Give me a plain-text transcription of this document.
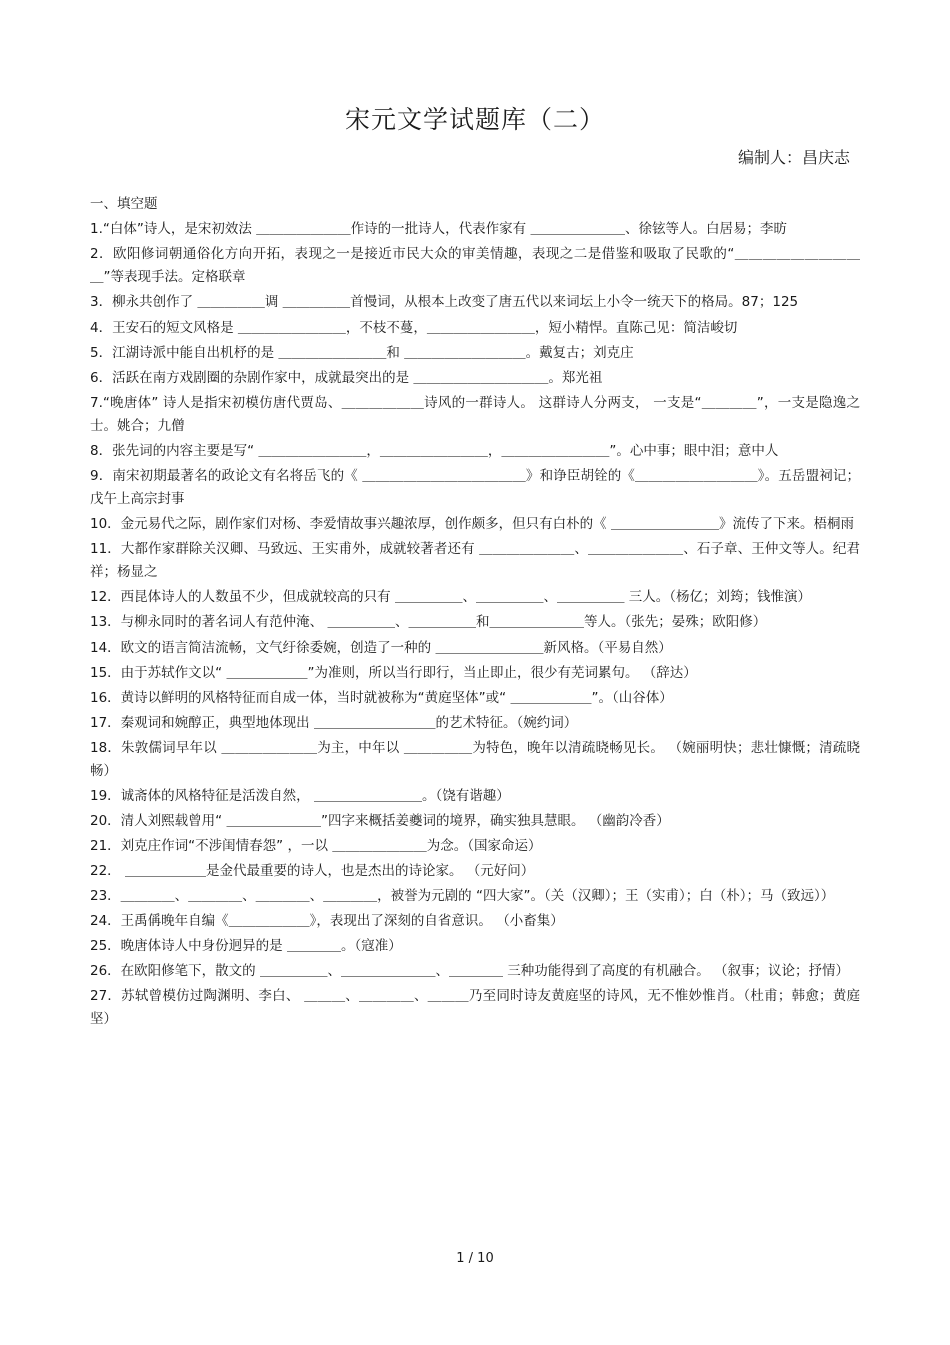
宋元文学试题库（二）
编制人：昌庆志
一、填空题
1.“白体”诗人，是宋初效法 ＿＿＿＿＿＿＿作诗的一批诗人，代表作家有 ＿＿＿＿＿＿＿、徐铉等人。白居易；李昉
2．欧阳修词朝通俗化方向开拓，表现之一是接近市民大众的审美情趣，表现之二是借鉴和吸取了民歌的“＿＿＿＿＿＿＿＿＿＿”等表现手法。定格联章
3．柳永共创作了 ＿＿＿＿＿调 ＿＿＿＿＿首慢词，从根本上改变了唐五代以来词坛上小令一统天下的格局。87；125
4．王安石的短文风格是 ＿＿＿＿＿＿＿＿，不枝不蔓，＿＿＿＿＿＿＿＿，短小精悍。直陈己见：简洁峻切
5．江湖诗派中能自出机杼的是 ＿＿＿＿＿＿＿＿和 ＿＿＿＿＿＿＿＿＿。戴复古；刘克庄
6．活跃在南方戏剧圈的杂剧作家中，成就最突出的是 ＿＿＿＿＿＿＿＿＿＿。郑光祖
7.“晚唐体” 诗人是指宋初模仿唐代贾岛、＿＿＿＿＿＿诗风的一群诗人。 这群诗人分两支， 一支是“＿＿＿＿”，一支是隐逸之士。姚合；九僧
8．张先词的内容主要是写“ ＿＿＿＿＿＿＿＿，＿＿＿＿＿＿＿＿，＿＿＿＿＿＿＿＿”。心中事；眼中泪；意中人
9．南宋初期最著名的政论文有名将岳飞的《 ＿＿＿＿＿＿＿＿＿＿＿＿》和诤臣胡铨的《＿＿＿＿＿＿＿＿＿》。五岳盟祠记；戊午上高宗封事
10．金元易代之际，剧作家们对杨、李爱情故事兴趣浓厚，创作颇多，但只有白朴的《 ＿＿＿＿＿＿＿＿》流传了下来。梧桐雨
11．大都作家群除关汉卿、马致远、王实甫外，成就较著者还有 ＿＿＿＿＿＿＿、＿＿＿＿＿＿＿、石子章、王仲文等人。纪君祥；杨显之
12．西昆体诗人的人数虽不少，但成就较高的只有 ＿＿＿＿＿、＿＿＿＿＿、＿＿＿＿＿ 三人。（杨亿；刘筠；钱惟演）
13．与柳永同时的著名词人有范仲淹、 ＿＿＿＿＿、＿＿＿＿＿和＿＿＿＿＿＿＿等人。（张先；晏殊；欧阳修）
14．欧文的语言简洁流畅，文气纡徐委婉，创造了一种的 ＿＿＿＿＿＿＿＿新风格。（平易自然）
15．由于苏轼作文以“ ＿＿＿＿＿＿”为准则，所以当行即行，当止即止，很少有芜词累句。 （辞达）
16．黄诗以鲜明的风格特征而自成一体，当时就被称为“黄庭坚体”或“ ＿＿＿＿＿＿”。（山谷体）
17．秦观词和婉醇正，典型地体现出 ＿＿＿＿＿＿＿＿＿的艺术特征。（婉约词）
18．朱敦儒词早年以 ＿＿＿＿＿＿＿为主，中年以 ＿＿＿＿＿为特色，晚年以清疏晓畅见长。 （婉丽明快；悲壮慷慨；清疏晓畅）
19．诚斋体的风格特征是活泼自然， ＿＿＿＿＿＿＿＿。（饶有谐趣）
20．清人刘熙载曾用“ ＿＿＿＿＿＿＿”四字来概括姜夔词的境界，确实独具慧眼。 （幽韵冷香）
21．刘克庄作词“不涉闺情春怨” ，一以 ＿＿＿＿＿＿＿为念。（国家命运）
22． ＿＿＿＿＿＿是金代最重要的诗人，也是杰出的诗论家。 （元好问）
23．＿＿＿＿、＿＿＿＿、＿＿＿＿、＿＿＿＿，被誉为元剧的 “四大家”。（关（汉卿）；王（实甫）；白（朴）；马（致远））
24．王禹偁晚年自编《＿＿＿＿＿＿》，表现出了深刻的自省意识。 （小畜集）
25．晚唐体诗人中身份迥异的是 ＿＿＿＿。（寇准）
26．在欧阳修笔下，散文的 ＿＿＿＿＿、＿＿＿＿＿＿＿、＿＿＿＿ 三种功能得到了高度的有机融合。 （叙事；议论；抒情）
27．苏轼曾模仿过陶渊明、李白、 ＿＿＿、＿＿＿＿、＿＿＿乃至同时诗友黄庭坚的诗风，无不惟妙惟肖。（杜甫；韩愈；黄庭坚）
1 / 10
